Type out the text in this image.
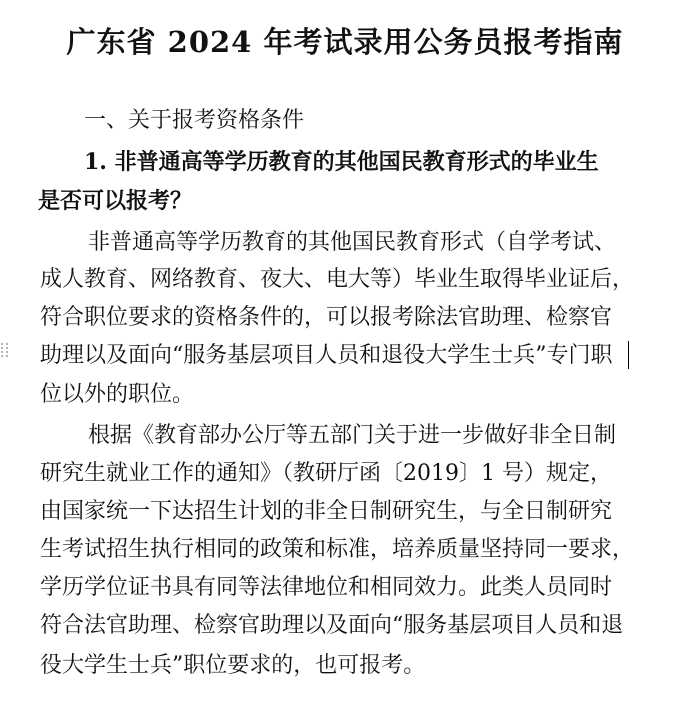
广东省 2024 年考试录用公务员报考指南
一、关于报考资格条件
1. 非普通高等学历教育的其他国民教育形式的毕业生
是否可以报考？
非普通高等学历教育的其他国民教育形式（自学考试、
成人教育、网络教育、夜大、电大等）毕业生取得毕业证后，
符合职位要求的资格条件的，可以报考除法官助理、检察官
助理以及面向“服务基层项目人员和退役大学生士兵”专门职
位以外的职位。
根据《教育部办公厅等五部门关于进一步做好非全日制
研究生就业工作的通知》（教研厅函〔2019〕1 号）规定，
由国家统一下达招生计划的非全日制研究生，与全日制研究
生考试招生执行相同的政策和标准，培养质量坚持同一要求，
学历学位证书具有同等法律地位和相同效力。此类人员同时
符合法官助理、检察官助理以及面向“服务基层项目人员和退
役大学生士兵”职位要求的，也可报考。
